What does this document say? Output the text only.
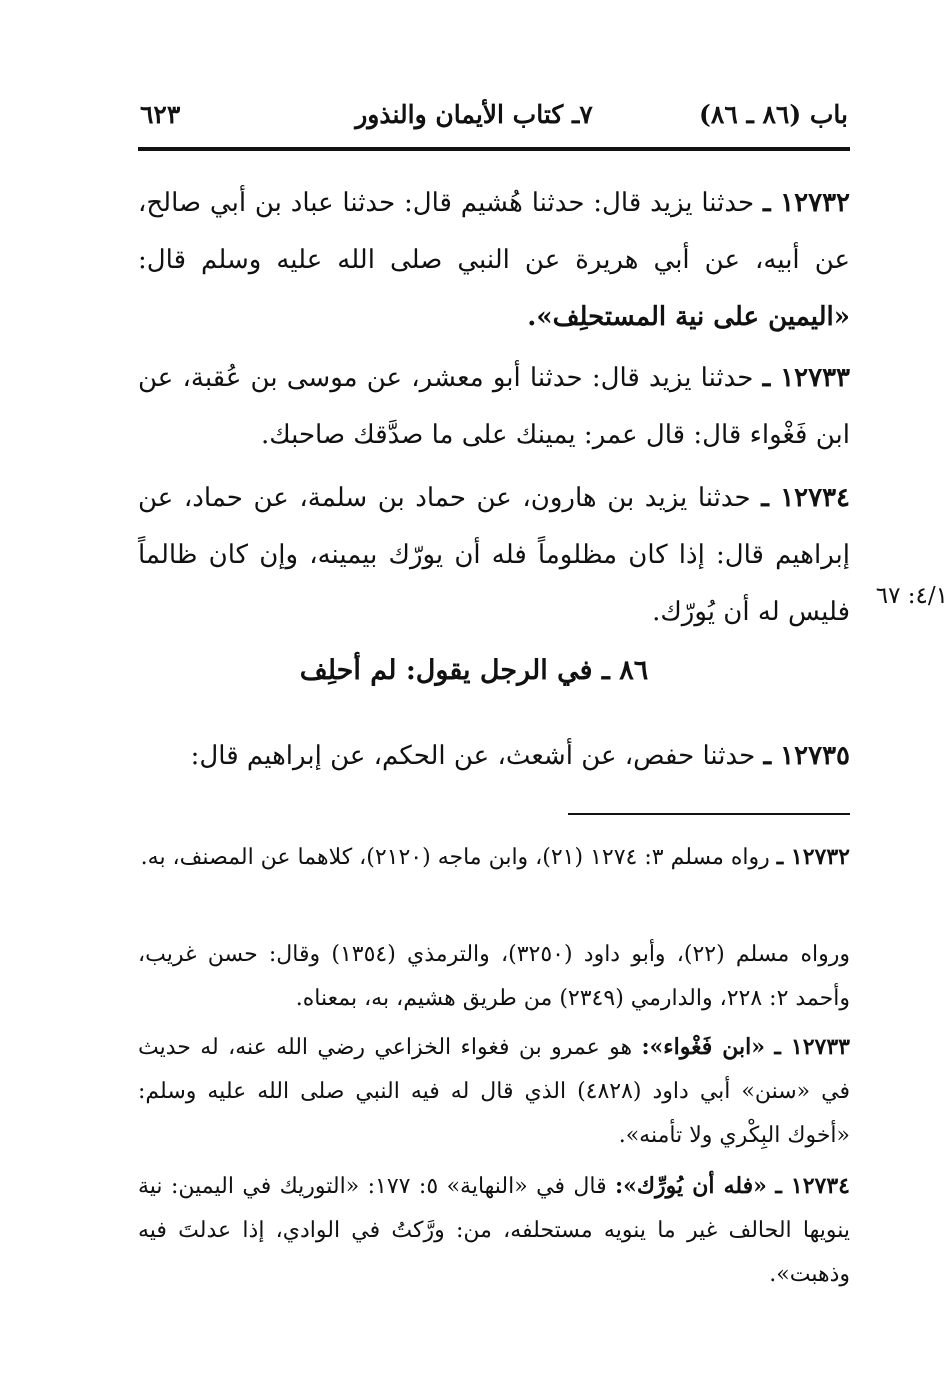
باب (٨٦ ـ ٨٦)
٧ـ كتاب الأيمان والنذور
٦٢٣
١٢٧٣٢ ـ حدثنا يزيد قال: حدثنا هُشيم قال: حدثنا عباد بن أبي صالح، عن أبيه، عن أبي هريرة عن النبي صلى الله عليه وسلم قال: «اليمين على نية المستحلِف».
١٢٧٣٣ ـ حدثنا يزيد قال: حدثنا أبو معشر، عن موسى بن عُقبة، عن ابن فَغْواء قال: قال عمر: يمينك على ما صدَّقك صاحبك.
١٢٧٣٤ ـ حدثنا يزيد بن هارون، عن حماد بن سلمة، عن حماد، عن إبراهيم قال: إذا كان مظلوماً فله أن يورّك بيمينه، وإن كان ظالماً فليس له أن يُورّك.
٤/١: ٦٧
٨٦ ـ في الرجل يقول: لم أحلِف
١٢٧٣٥ ـ حدثنا حفص، عن أشعث، عن الحكم، عن إبراهيم قال:
١٢٧٣٢ ـ رواه مسلم ٣: ١٢٧٤ (٢١)، وابن ماجه (٢١٢٠)، كلاهما عن المصنف، به.
ورواه مسلم (٢٢)، وأبو داود (٣٢٥٠)، والترمذي (١٣٥٤) وقال: حسن غريب، وأحمد ٢: ٢٢٨، والدارمي (٢٣٤٩) من طريق هشيم، به، بمعناه.
١٢٧٣٣ ـ «ابن فَغْواء»: هو عمرو بن فغواء الخزاعي رضي الله عنه، له حديث في «سنن» أبي داود (٤٨٢٨) الذي قال له فيه النبي صلى الله عليه وسلم: «أخوك البِكْري ولا تأمنه».
١٢٧٣٤ ـ «فله أن يُورِّك»: قال في «النهاية» ٥: ١٧٧: «التوريك في اليمين: نية ينويها الحالف غير ما ينويه مستحلفه، من: ورَّكتُ في الوادي، إذا عدلتَ فيه وذهبت».
